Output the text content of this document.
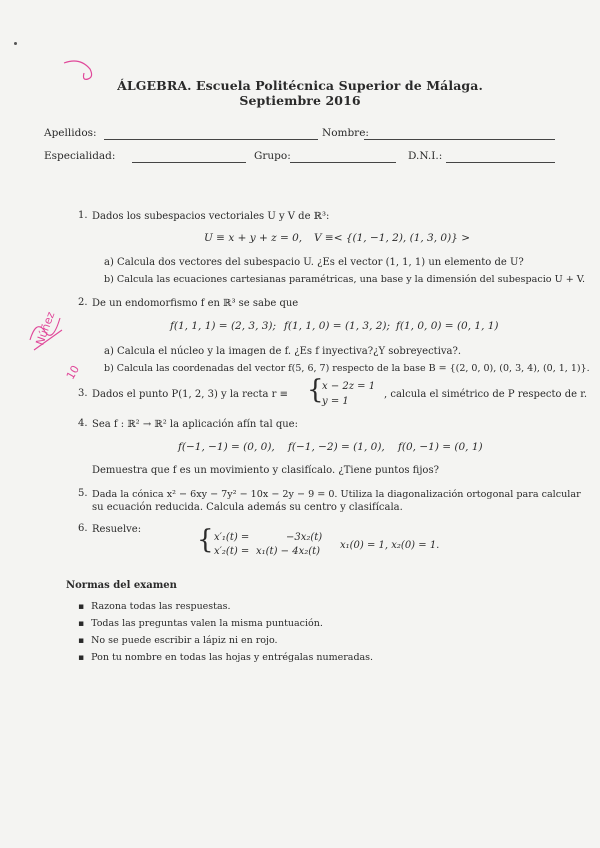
Núñez
10
ÁLGEBRA. Escuela Politécnica Superior de Málaga.
Septiembre 2016
Apellidos:	Nombre:
Especialidad:	Grupo:	D.N.I.:
1. Dados los subespacios vectoriales U y V de ℝ³:
U ≡ x + y + z = 0, V ≡< {(1, −1, 2), (1, 3, 0)} >
a) Calcula dos vectores del subespacio U. ¿Es el vector (1, 1, 1) un elemento de U?
b) Calcula las ecuaciones cartesianas paramétricas, una base y la dimensión del subespacio U + V.
2. De un endomorfismo f en ℝ³ se sabe que
f(1, 1, 1) = (2, 3, 3); f(1, 1, 0) = (1, 3, 2); f(1, 0, 0) = (0, 1, 1)
a) Calcula el núcleo y la imagen de f. ¿Es f inyectiva?¿Y sobreyectiva?.
b) Calcula las coordenadas del vector f(5, 6, 7) respecto de la base B = {(2, 0, 0), (0, 3, 4), (0, 1, 1)}.
3. Dados el punto P(1, 2, 3) y la recta r ≡ {
x − 2z = 1
y = 1
, calcula el simétrico de P respecto de r.
4. Sea f : ℝ² → ℝ² la aplicación afín tal que:
f(−1, −1) = (0, 0), f(−1, −2) = (1, 0), f(0, −1) = (0, 1)
Demuestra que f es un movimiento y clasifícalo. ¿Tiene puntos fijos?
5. Dada la cónica x² − 6xy − 7y² − 10x − 2y − 9 = 0. Utiliza la diagonalización ortogonal para calcular
su ecuación reducida. Calcula además su centro y clasifícala.
6. Resuelve: { x′₁(t) =	−3x₂(t)
x′₂(t) = x₁(t) − 4x₂(t)
x₁(0) = 1, x₂(0) = 1.
Normas del examen
▪ Razona todas las respuestas.
▪ Todas las preguntas valen la misma puntuación.
▪ No se puede escribir a lápiz ni en rojo.
▪ Pon tu nombre en todas las hojas y entrégalas numeradas.
